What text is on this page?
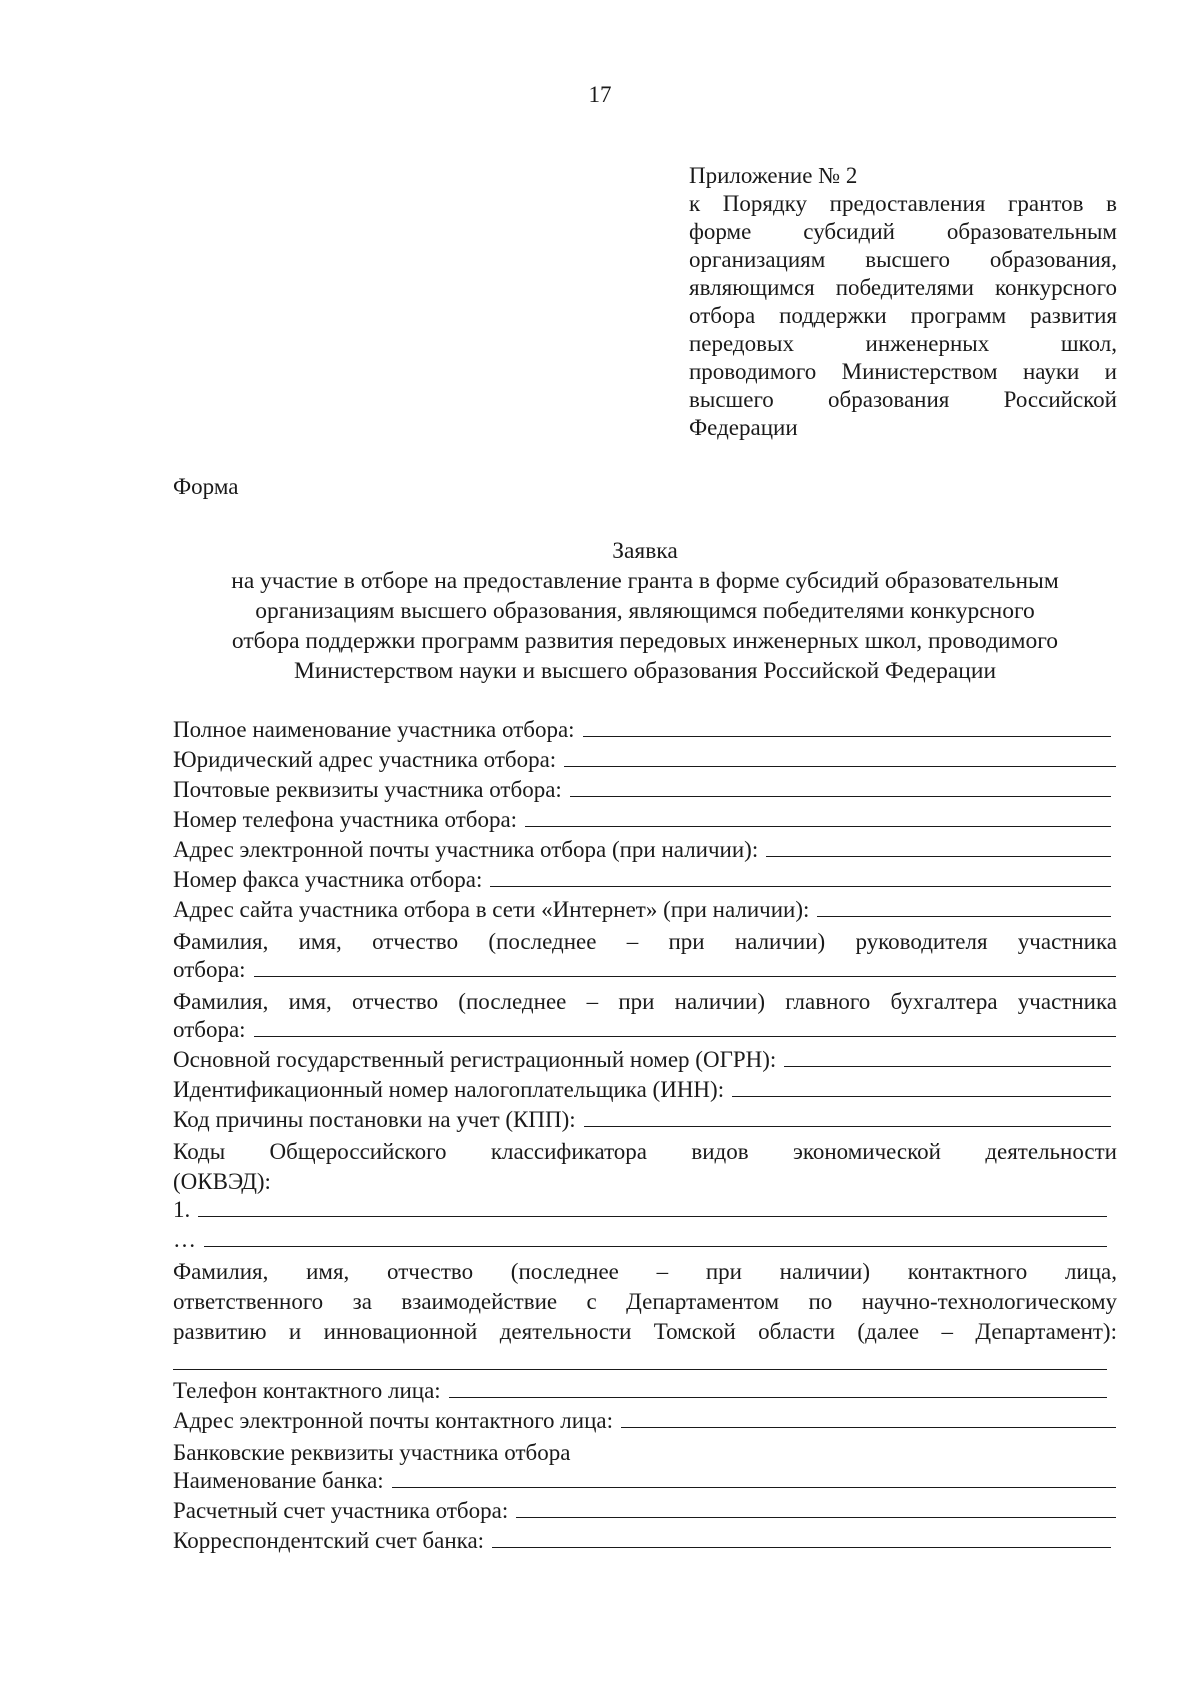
17
Приложение № 2
к Порядку предоставления грантов в форме субсидий образовательным организациям высшего образования, являющимся победителями конкурсного отбора поддержки программ развития передовых инженерных школ, проводимого Министерством науки и высшего образования Российской Федерации
Форма
Заявка
на участие в отборе на предоставление гранта в форме субсидий образовательным
организациям высшего образования, являющимся победителями конкурсного
отбора поддержки программ развития передовых инженерных школ, проводимого
Министерством науки и высшего образования Российской Федерации
Полное наименование участника отбора:
Юридический адрес участника отбора:
Почтовые реквизиты участника отбора:
Номер телефона участника отбора:
Адрес электронной почты участника отбора (при наличии):
Номер факса участника отбора:
Адрес сайта участника отбора в сети «Интернет» (при наличии):
Фамилия, имя, отчество (последнее – при наличии) руководителя участника
отбора:
Фамилия, имя, отчество (последнее – при наличии) главного бухгалтера участника
отбора:
Основной государственный регистрационный номер (ОГРН):
Идентификационный номер налогоплательщика (ИНН):
Код причины постановки на учет (КПП):
Коды Общероссийского классификатора видов экономической деятельности
(ОКВЭД):
1.
…
Фамилия, имя, отчество (последнее – при наличии) контактного лица,
ответственного за взаимодействие с Департаментом по научно-технологическому
развитию и инновационной деятельности Томской области (далее – Департамент):
Телефон контактного лица:
Адрес электронной почты контактного лица:
Банковские реквизиты участника отбора
Наименование банка:
Расчетный счет участника отбора:
Корреспондентский счет банка:
